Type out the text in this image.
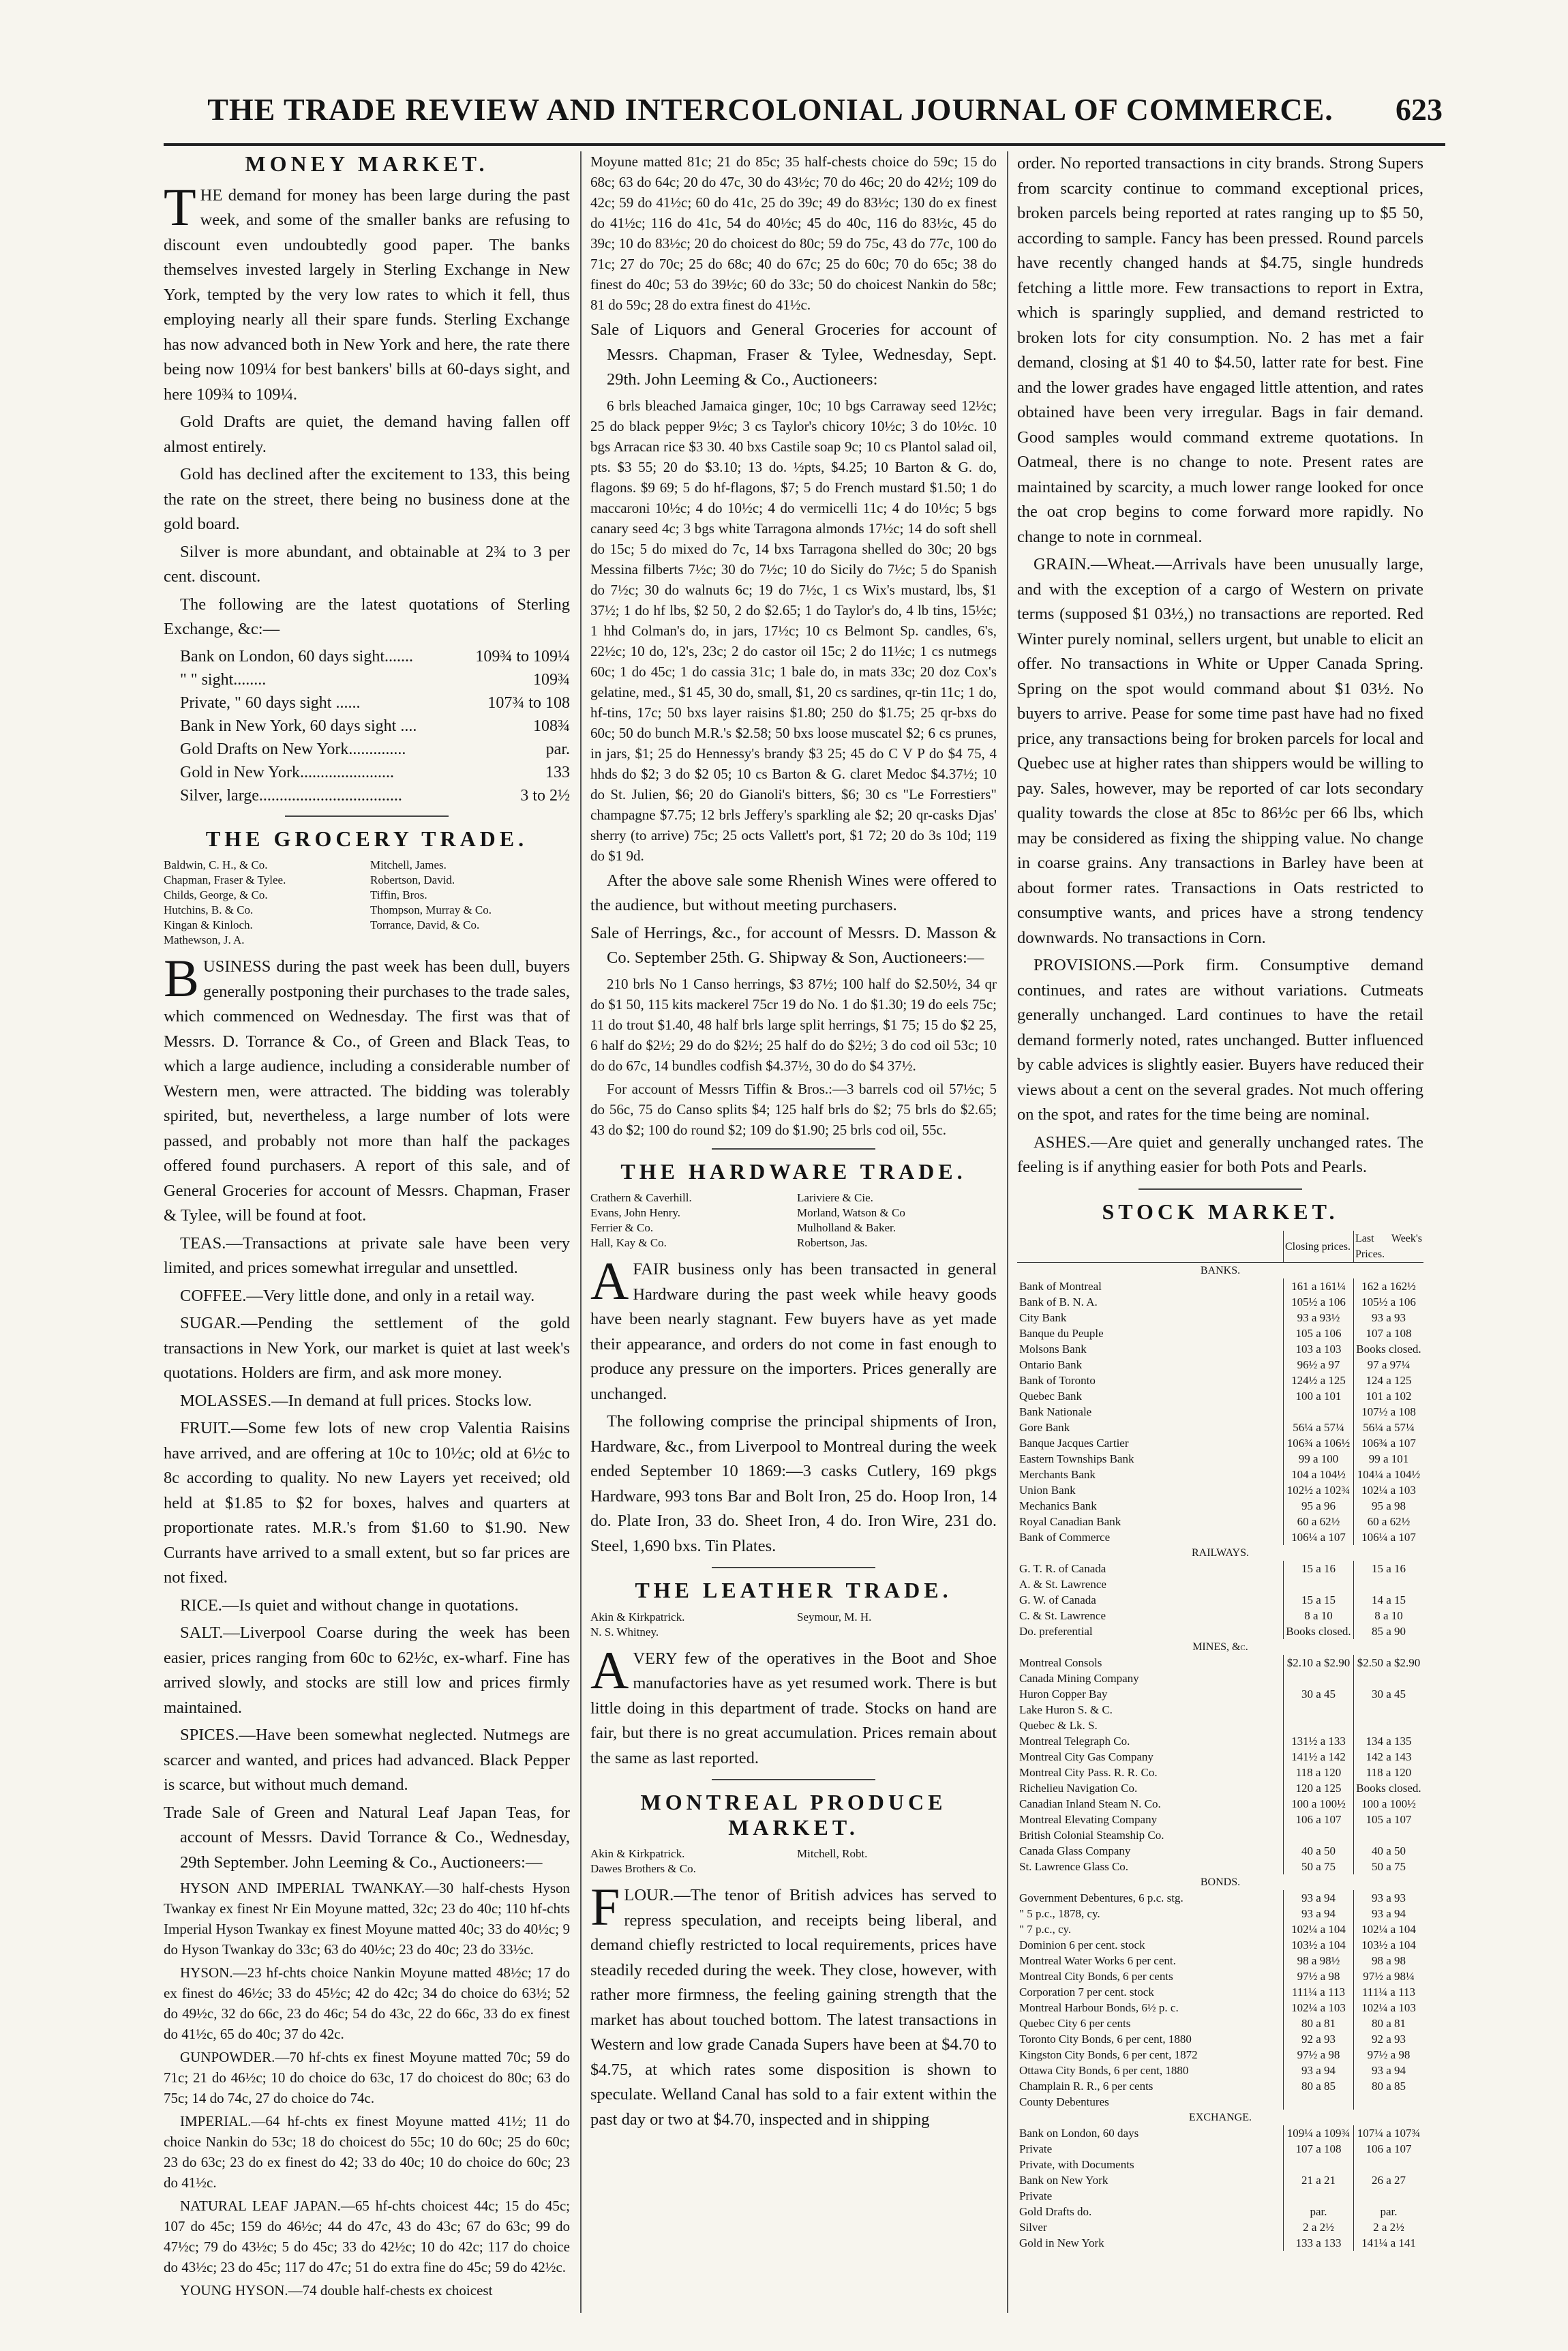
THE TRADE REVIEW AND INTERCOLONIAL JOURNAL OF COMMERCE.	623
MONEY MARKET.

THE demand for money has been large during the past week, and some of the smaller banks are refusing to discount even undoubtedly good paper. The banks themselves invested largely in Sterling Exchange in New York, tempted by the very low rates to which it fell, thus employing nearly all their spare funds. Sterling Exchange has now advanced both in New York and here, the rate there being now 109¼ for best bankers' bills at 60-days sight, and here 109¾ to 109¼.

Gold Drafts are quiet, the demand having fallen off almost entirely.

Gold has declined after the excitement to 133, this being the rate on the street, there being no business done at the gold board.

Silver is more abundant, and obtainable at 2¾ to 3 per cent. discount.

The following are the latest quotations of Sterling Exchange, &c:—

Bank on London, 60 days sight.......	109¾ to 109¼
" " sight........	109¾
Private, " 60 days sight ......	107¾ to 108
Bank in New York, 60 days sight ....	108¾
Gold Drafts on New York..............	par.
Gold in New York.......................	133
Silver, large...................................	3 to 2½
THE GROCERY TRADE.
Baldwin, C. H., & Co.	Mitchell, James.
Chapman, Fraser & Tylee.	Robertson, David.
Childs, George, & Co.	Tiffin, Bros.
Hutchins, B. & Co.	Thompson, Murray & Co.
Kingan & Kinloch.	Torrance, David, & Co.
Mathewson, J. A.

BUSINESS during the past week has been dull, buyers generally postponing their purchases to the trade sales, which commenced on Wednesday. The first was that of Messrs. D. Torrance & Co., of Green and Black Teas, to which a large audience, including a considerable number of Western men, were attracted. The bidding was tolerably spirited, but, nevertheless, a large number of lots were passed, and probably not more than half the packages offered found purchasers. A report of this sale, and of General Groceries for account of Messrs. Chapman, Fraser & Tylee, will be found at foot.

TEAS.—Transactions at private sale have been very limited, and prices somewhat irregular and unsettled.

COFFEE.—Very little done, and only in a retail way.

SUGAR.—Pending the settlement of the gold transactions in New York, our market is quiet at last week's quotations. Holders are firm, and ask more money.

MOLASSES.—In demand at full prices. Stocks low.

FRUIT.—Some few lots of new crop Valentia Raisins have arrived, and are offering at 10c to 10½c; old at 6½c to 8c according to quality. No new Layers yet received; old held at $1.85 to $2 for boxes, halves and quarters at proportionate rates. M.R.'s from $1.60 to $1.90. New Currants have arrived to a small extent, but so far prices are not fixed.

RICE.—Is quiet and without change in quotations.

SALT.—Liverpool Coarse during the week has been easier, prices ranging from 60c to 62½c, ex-wharf. Fine has arrived slowly, and stocks are still low and prices firmly maintained.

SPICES.—Have been somewhat neglected. Nutmegs are scarcer and wanted, and prices had advanced. Black Pepper is scarce, but without much demand.

Trade Sale of Green and Natural Leaf Japan Teas, for account of Messrs. David Torrance & Co., Wednesday, 29th September. John Leeming & Co., Auctioneers:—

HYSON AND IMPERIAL TWANKAY.—30 half-chests Hyson Twankay ex finest Nr Ein Moyune matted, 32c; 23 do 40c; 110 hf-chts Imperial Hyson Twankay ex finest Moyune matted 40c; 33 do 40½c; 9 do Hyson Twankay do 33c; 63 do 40½c; 23 do 40c; 23 do 33½c.

HYSON.—23 hf-chts choice Nankin Moyune matted 48½c; 17 do ex finest do 46½c; 33 do 45½c; 42 do 42c; 34 do choice do 63½; 52 do 49½c, 32 do 66c, 23 do 46c; 54 do 43c, 22 do 66c, 33 do ex finest do 41½c, 65 do 40c; 37 do 42c.

GUNPOWDER.—70 hf-chts ex finest Moyune matted 70c; 59 do 71c; 21 do 46½c; 10 do choice do 63c, 17 do choicest do 80c; 63 do 75c; 14 do 74c, 27 do choice do 74c.

IMPERIAL.—64 hf-chts ex finest Moyune matted 41½; 11 do choice Nankin do 53c; 18 do choicest do 55c; 10 do 60c; 25 do 60c; 23 do 63c; 23 do ex finest do 42; 33 do 40c; 10 do choice do 60c; 23 do 41½c.

NATURAL LEAF JAPAN.—65 hf-chts choicest 44c; 15 do 45c; 107 do 45c; 159 do 46½c; 44 do 47c, 43 do 43c; 67 do 63c; 99 do 47½c; 79 do 43½c; 5 do 45c; 33 do 42½c; 10 do 42c; 117 do choice do 43½c; 23 do 45c; 117 do 47c; 51 do extra fine do 45c; 59 do 42½c.

YOUNG HYSON.—74 double half-chests ex choicest

Moyune matted 81c; 21 do 85c; 35 half-chests choice do 59c; 15 do 68c; 63 do 64c; 20 do 47c, 30 do 43½c; 70 do 46c; 20 do 42½; 109 do 42c; 59 do 41½c; 60 do 41c, 25 do 39c; 49 do 83½c; 130 do ex finest do 41½c; 116 do 41c, 54 do 40½c; 45 do 40c, 116 do 83½c, 45 do 39c; 10 do 83½c; 20 do choicest do 80c; 59 do 75c, 43 do 77c, 100 do 71c; 27 do 70c; 25 do 68c; 40 do 67c; 25 do 60c; 70 do 65c; 38 do finest do 40c; 53 do 39½c; 60 do 33c; 50 do choicest Nankin do 58c; 81 do 59c; 28 do extra finest do 41½c.

Sale of Liquors and General Groceries for account of Messrs. Chapman, Fraser & Tylee, Wednesday, Sept. 29th. John Leeming & Co., Auctioneers:

6 brls bleached Jamaica ginger, 10c; 10 bgs Carraway seed 12½c; 25 do black pepper 9½c; 3 cs Taylor's chicory 10½c; 3 do 10½c. 10 bgs Arracan rice $3 30. 40 bxs Castile soap 9c; 10 cs Plantol salad oil, pts. $3 55; 20 do $3.10; 13 do. ½pts, $4.25; 10 Barton & G. do, flagons. $9 69; 5 do hf-flagons, $7; 5 do French mustard $1.50; 1 do maccaroni 10½c; 4 do 10½c; 4 do vermicelli 11c; 4 do 10½c; 5 bgs canary seed 4c; 3 bgs white Tarragona almonds 17½c; 14 do soft shell do 15c; 5 do mixed do 7c, 14 bxs Tarragona shelled do 30c; 20 bgs Messina filberts 7½c; 30 do 7½c; 10 do Sicily do 7½c; 5 do Spanish do 7½c; 30 do walnuts 6c; 19 do 7½c, 1 cs Wix's mustard, lbs, $1 37½; 1 do hf lbs, $2 50, 2 do $2.65; 1 do Taylor's do, 4 lb tins, 15½c; 1 hhd Colman's do, in jars, 17½c; 10 cs Belmont Sp. candles, 6's, 22½c; 10 do, 12's, 23c; 2 do castor oil 15c; 2 do 11½c; 1 cs nutmegs 60c; 1 do 45c; 1 do cassia 31c; 1 bale do, in mats 33c; 20 doz Cox's gelatine, med., $1 45, 30 do, small, $1, 20 cs sardines, qr-tin 11c; 1 do, hf-tins, 17c; 50 bxs layer raisins $1.80; 250 do $1.75; 25 qr-bxs do 60c; 50 do bunch M.R.'s $2.58; 50 bxs loose muscatel $2; 6 cs prunes, in jars, $1; 25 do Hennessy's brandy $3 25; 45 do C V P do $4 75, 4 hhds do $2; 3 do $2 05; 10 cs Barton & G. claret Medoc $4.37½; 10 do St. Julien, $6; 20 do Gianoli's bitters, $6; 30 cs "Le Forrestiers" champagne $7.75; 12 brls Jeffery's sparkling ale $2; 20 qr-casks Djas' sherry (to arrive) 75c; 25 octs Vallett's port, $1 72; 20 do 3s 10d; 119 do $1 9d.

After the above sale some Rhenish Wines were offered to the audience, but without meeting purchasers.

Sale of Herrings, &c., for account of Messrs. D. Masson & Co. September 25th. G. Shipway & Son, Auctioneers:—

210 brls No 1 Canso herrings, $3 87½; 100 half do $2.50½, 34 qr do $1 50, 115 kits mackerel 75cr 19 do No. 1 do $1.30; 19 do eels 75c; 11 do trout $1.40, 48 half brls large split herrings, $1 75; 15 do $2 25, 6 half do $2½; 29 do do $2½; 25 half do do $2½; 3 do cod oil 53c; 10 do do 67c, 14 bundles codfish $4.37½, 30 do do $4 37½.

For account of Messrs Tiffin & Bros.:—3 barrels cod oil 57½c; 5 do 56c, 75 do Canso splits $4; 125 half brls do $2; 75 brls do $2.65; 43 do $2; 100 do round $2; 109 do $1.90; 25 brls cod oil, 55c.

THE HARDWARE TRADE.
Crathern & Caverhill.	Lariviere & Cie.
Evans, John Henry.	Morland, Watson & Co
Ferrier & Co.	Mulholland & Baker.
Hall, Kay & Co.	Robertson, Jas.

AFAIR business only has been transacted in general Hardware during the past week while heavy goods have been nearly stagnant. Few buyers have as yet made their appearance, and orders do not come in fast enough to produce any pressure on the importers. Prices generally are unchanged.

The following comprise the principal shipments of Iron, Hardware, &c., from Liverpool to Montreal during the week ended September 10 1869:—3 casks Cutlery, 169 pkgs Hardware, 993 tons Bar and Bolt Iron, 25 do. Hoop Iron, 14 do. Plate Iron, 33 do. Sheet Iron, 4 do. Iron Wire, 231 do. Steel, 1,690 bxs. Tin Plates.

THE LEATHER TRADE.
Akin & Kirkpatrick.	Seymour, M. H.
N. S. Whitney.

AVERY few of the operatives in the Boot and Shoe manufactories have as yet resumed work. There is but little doing in this department of trade. Stocks on hand are fair, but there is no great accumulation. Prices remain about the same as last reported.

MONTREAL PRODUCE MARKET.
Akin & Kirkpatrick.	Mitchell, Robt.
Dawes Brothers & Co.

FLOUR.—The tenor of British advices has served to repress speculation, and receipts being liberal, and demand chiefly restricted to local requirements, prices have steadily receded during the week. They close, however, with rather more firmness, the feeling gaining strength that the market has about touched bottom. The latest transactions in Western and low grade Canada Supers have been at $4.70 to $4.75, at which rates some disposition is shown to speculate. Welland Canal has sold to a fair extent within the past day or two at $4.70, inspected and in shipping

order. No reported transactions in city brands. Strong Supers from scarcity continue to command exceptional prices, broken parcels being reported at rates ranging up to $5 50, according to sample. Fancy has been pressed. Round parcels have recently changed hands at $4.75, single hundreds fetching a little more. Few transactions to report in Extra, which is sparingly supplied, and demand restricted to broken lots for city consumption. No. 2 has met a fair demand, closing at $1 40 to $4.50, latter rate for best. Fine and the lower grades have engaged little attention, and rates obtained have been very irregular. Bags in fair demand. Good samples would command extreme quotations. In Oatmeal, there is no change to note. Present rates are maintained by scarcity, a much lower range looked for once the oat crop begins to come forward more rapidly. No change to note in cornmeal.

GRAIN.—Wheat.—Arrivals have been unusually large, and with the exception of a cargo of Western on private terms (supposed $1 03½,) no transactions are reported. Red Winter purely nominal, sellers urgent, but unable to elicit an offer. No transactions in White or Upper Canada Spring. Spring on the spot would command about $1 03½. No buyers to arrive. Pease for some time past have had no fixed price, any transactions being for broken parcels for local and Quebec use at higher rates than shippers would be willing to pay. Sales, however, may be reported of car lots secondary quality towards the close at 85c to 86½c per 66 lbs, which may be considered as fixing the shipping value. No change in coarse grains. Any transactions in Barley have been at about former rates. Transactions in Oats restricted to consumptive wants, and prices have a strong tendency downwards. No transactions in Corn.

PROVISIONS.—Pork firm. Consumptive demand continues, and rates are without variations. Cutmeats generally unchanged. Lard continues to have the retail demand formerly noted, rates unchanged. Butter influenced by cable advices is slightly easier. Buyers have reduced their views about a cent on the several grades. Not much offering on the spot, and rates for the time being are nominal.

ASHES.—Are quiet and generally unchanged rates. The feeling is if anything easier for both Pots and Pearls.

STOCK MARKET.
	Closing prices.	Last Week's Prices.
BANKS.		
Bank of Montreal	161 a 161¼	162 a 162½
Bank of B. N. A.	105½ a 106	105½ a 106
City Bank	93 a 93½	93 a 93
Banque du Peuple	105 a 106	107 a 108
Molsons Bank	103 a 103	Books closed.
Ontario Bank	96½ a 97	97 a 97¼
Bank of Toronto	124½ a 125	124 a 125
Quebec Bank	100 a 101	101 a 102
Bank Nationale		107½ a 108
Gore Bank	56¼ a 57¼	56¼ a 57¼
Banque Jacques Cartier	106¾ a 106½	106¾ a 107
Eastern Townships Bank	99 a 100	99 a 101
Merchants Bank	104 a 104½	104¼ a 104½
Union Bank	102½ a 102¾	102¼ a 103
Mechanics Bank	95 a 96	95 a 98
Royal Canadian Bank	60 a 62½	60 a 62½
Bank of Commerce	106¼ a 107	106¼ a 107
RAILWAYS.		
G. T. R. of Canada	15 a 16	15 a 16
A. & St. Lawrence		
G. W. of Canada	15 a 15	14 a 15
C. & St. Lawrence	8 a 10	8 a 10
Do. preferential	Books closed.	85 a 90
MINES, &c.		
Montreal Consols	$2.10 a $2.90	$2.50 a $2.90
Canada Mining Company		
Huron Copper Bay	30 a 45	30 a 45
Lake Huron S. & C.		
Quebec & Lk. S.		
Montreal Telegraph Co.	131½ a 133	134 a 135
Montreal City Gas Company	141½ a 142	142 a 143
Montreal City Pass. R. R. Co.	118 a 120	118 a 120
Richelieu Navigation Co.	120 a 125	Books closed.
Canadian Inland Steam N. Co.	100 a 100½	100 a 100½
Montreal Elevating Company	106 a 107	105 a 107
British Colonial Steamship Co.		
Canada Glass Company	40 a 50	40 a 50
St. Lawrence Glass Co.	50 a 75	50 a 75
BONDS.		
Government Debentures, 6 p.c. stg.	93 a 94	93 a 93
" 5 p.c., 1878, cy.	93 a 94	93 a 94
" 7 p.c., cy.	102¼ a 104	102¼ a 104
Dominion 6 per cent. stock	103½ a 104	103½ a 104
Montreal Water Works 6 per cent.	98 a 98½	98 a 98
Montreal City Bonds, 6 per cents	97½ a 98	97½ a 98¼
Corporation 7 per cent. stock	111¼ a 113	111¼ a 113
Montreal Harbour Bonds, 6½ p. c.	102¼ a 103	102¼ a 103
Quebec City 6 per cents	80 a 81	80 a 81
Toronto City Bonds, 6 per cent, 1880	92 a 93	92 a 93
Kingston City Bonds, 6 per cent, 1872	97½ a 98	97½ a 98
Ottawa City Bonds, 6 per cent, 1880	93 a 94	93 a 94
Champlain R. R., 6 per cents	80 a 85	80 a 85
County Debentures		
EXCHANGE.		
Bank on London, 60 days	109¼ a 109¾	107¼ a 107¾
Private	107 a 108	106 a 107
Private, with Documents		
Bank on New York	21 a 21	26 a 27
Private		
Gold Drafts do.	par.	par.
Silver	2 a 2½	2 a 2½
Gold in New York	133 a 133	141¼ a 141
